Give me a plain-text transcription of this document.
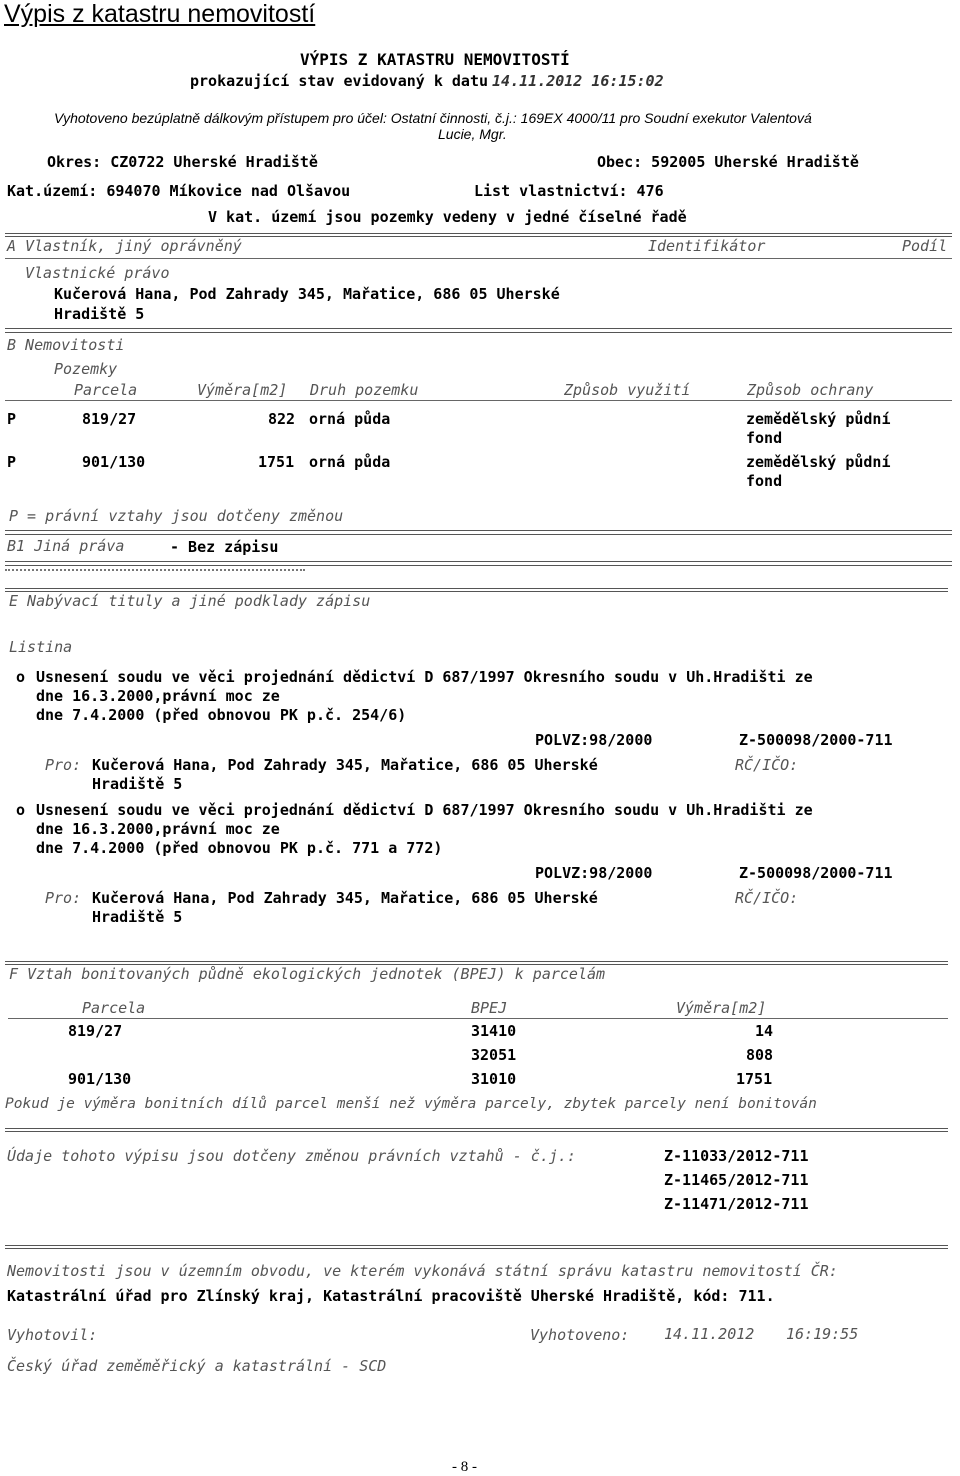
Výpis z katastru nemovitostí
VÝPIS Z KATASTRU NEMOVITOSTÍ
prokazující stav evidovaný k datu 14.11.2012 16:15:02
Vyhotoveno bezúplatně dálkovým přístupem pro účel: Ostatní činnosti, č.j.: 169EX 4000/11 pro Soudní exekutor Valentová
Lucie, Mgr.
Okres: CZ0722 Uherské Hradiště	Obec: 592005 Uherské Hradiště
Kat.území: 694070 Míkovice nad Olšavou	List vlastnictví: 476
V kat. území jsou pozemky vedeny v jedné číselné řadě
A Vlastník, jiný oprávněný	Identifikátor	Podíl
Vlastnické právo
Kučerová Hana, Pod Zahrady 345, Mařatice, 686 05 Uherské
Hradiště 5
B Nemovitosti
Pozemky
Parcela	Výměra[m2] Druh pozemku	Způsob využití	Způsob ochrany
P	819/27	822 orná půda	zemědělský půdní
fond
P	901/130	1751 orná půda	zemědělský půdní
fond
P = právní vztahy jsou dotčeny změnou
B1 Jiná práva	- Bez zápisu
E Nabývací tituly a jiné podklady zápisu
Listina
o Usnesení soudu ve věci projednání dědictví D 687/1997 Okresního soudu v Uh.Hradišti ze
dne 16.3.2000,právní moc ze
dne 7.4.2000 (před obnovou PK p.č. 254/6)
POLVZ:98/2000	Z-500098/2000-711
Pro: Kučerová Hana, Pod Zahrady 345, Mařatice, 686 05 Uherské
Hradiště 5
RČ/IČO:
o Usnesení soudu ve věci projednání dědictví D 687/1997 Okresního soudu v Uh.Hradišti ze
dne 16.3.2000,právní moc ze
dne 7.4.2000 (před obnovou PK p.č. 771 a 772)
POLVZ:98/2000	Z-500098/2000-711
Pro: Kučerová Hana, Pod Zahrady 345, Mařatice, 686 05 Uherské
Hradiště 5
RČ/IČO:
F Vztah bonitovaných půdně ekologických jednotek (BPEJ) k parcelám
Parcela	BPEJ	Výměra[m2]
819/27	31410	14
32051	808
901/130	31010	1751
Pokud je výměra bonitních dílů parcel menší než výměra parcely, zbytek parcely není bonitován
Údaje tohoto výpisu jsou dotčeny změnou právních vztahů - č.j.:	Z-11033/2012-711
Z-11465/2012-711
Z-11471/2012-711
Nemovitosti jsou v územním obvodu, ve kterém vykonává státní správu katastru nemovitostí ČR:
Katastrální úřad pro Zlínský kraj, Katastrální pracoviště Uherské Hradiště, kód: 711.
Vyhotovil:	Vyhotoveno: 14.11.2012 16:19:55
Český úřad zeměměřický a katastrální - SCD
- 8 -
